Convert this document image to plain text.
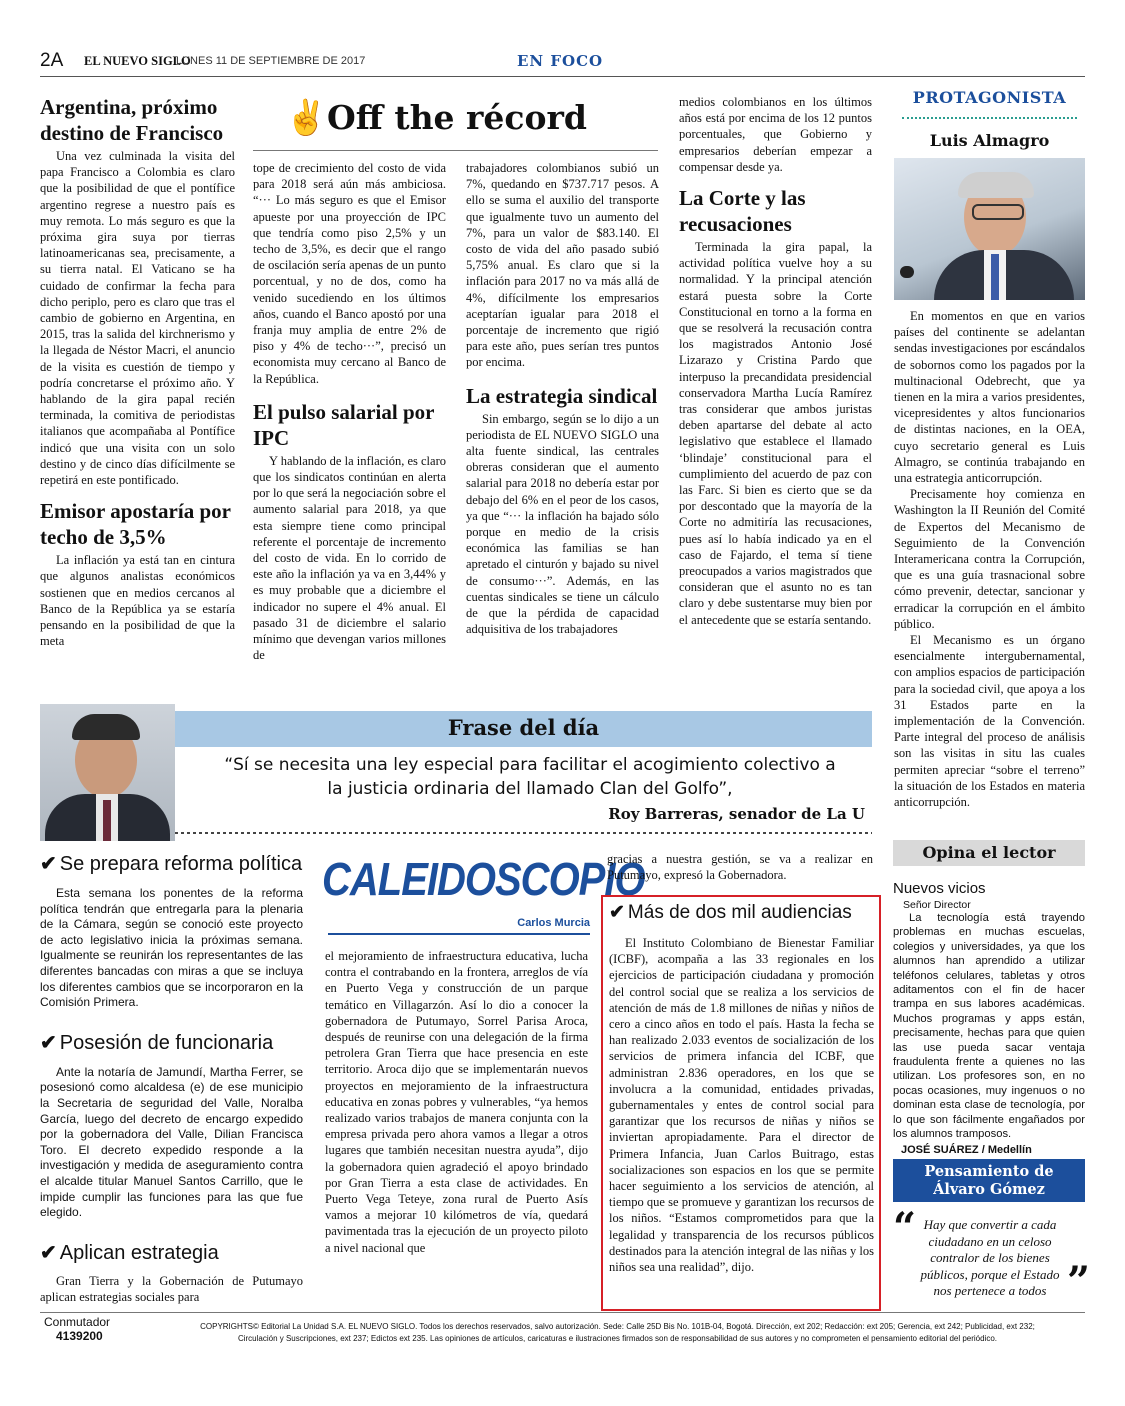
2A EL NUEVO SIGLO
LUNES 11 DE SEPTIEMBRE DE 2017	EN FOCO
Argentina, próximo destino de Francisco

Una vez culminada la visita del papa Francisco a Colombia es claro que la posibilidad de que el pontífice argentino regrese a nuestro país es muy remota. Lo más seguro es que la próxima gira suya por tierras latinoamericanas sea, precisamente, a su tierra natal. El Vaticano se ha cuidado de confirmar la fecha para dicho periplo, pero es claro que tras el cambio de gobierno en Argentina, en 2015, tras la salida del kirchnerismo y la llegada de Néstor Macri, el anuncio de la visita es cuestión de tiempo y podría concretarse el próximo año. Y hablando de la gira papal recién terminada, la comitiva de periodistas italianos que acompañaba al Pontífice indicó que una visita con un solo destino y de cinco días difícilmente se repetirá en este pontificado.

Emisor apostaría por techo de 3,5%

La inflación ya está tan en cintura que algunos analistas económicos sostienen que en medios cercanos al Banco de la República ya se estaría pensando en la posibilidad de que la meta

✌ Off the récord

tope de crecimiento del costo de vida para 2018 será aún más ambiciosa. “··· Lo más seguro es que el Emisor apueste por una proyección de IPC que tendría como piso 2,5% y un techo de 3,5%, es decir que el rango de oscilación sería apenas de un punto porcentual, y no de dos, como ha venido sucediendo en los últimos años, cuando el Banco apostó por una franja muy amplia de entre 2% de piso y 4% de techo···”, precisó un economista muy cercano al Banco de la República.

El pulso salarial por IPC

Y hablando de la inflación, es claro que los sindicatos continúan en alerta por lo que será la negociación sobre el aumento salarial para 2018, ya que esta siempre tiene como principal referente el porcentaje de incremento del costo de vida. En lo corrido de este año la inflación ya va en 3,44% y es muy probable que a diciembre el indicador no supere el 4% anual. El pasado 31 de diciembre el salario mínimo que devengan varios millones de

trabajadores colombianos subió un 7%, quedando en $737.717 pesos. A ello se suma el auxilio del transporte que igualmente tuvo un aumento del 7%, para un valor de $83.140. El costo de vida del año pasado subió 5,75% anual. Es claro que si la inflación para 2017 no va más allá de 4%, difícilmente los empresarios aceptarían igualar para 2018 el porcentaje de incremento que rigió para este año, pues serían tres puntos por encima.

La estrategia sindical

Sin embargo, según se lo dijo a un periodista de EL NUEVO SIGLO una alta fuente sindical, las centrales obreras consideran que el aumento salarial para 2018 no debería estar por debajo del 6% en el peor de los casos, ya que “··· la inflación ha bajado sólo porque en medio de la crisis económica las familias se han apretado el cinturón y bajado su nivel de consumo···”. Además, en las cuentas sindicales se tiene un cálculo de que la pérdida de capacidad adquisitiva de los trabajadores

medios colombianos en los últimos años está por encima de los 12 puntos porcentuales, que Gobierno y empresarios deberían empezar a compensar desde ya.

La Corte y las recusaciones

Terminada la gira papal, la actividad política vuelve hoy a su normalidad. Y la principal atención estará puesta sobre la Corte Constitucional en torno a la forma en que se resolverá la recusación contra los magistrados Antonio José Lizarazo y Cristina Pardo que interpuso la precandidata presidencial conservadora Martha Lucía Ramírez tras considerar que ambos juristas deben apartarse del debate al acto legislativo que establece el llamado ‘blindaje’ constitucional para el cumplimiento del acuerdo de paz con las Farc. Si bien es cierto que se da por descontado que la mayoría de la Corte no admitiría las recusaciones, pues así lo había indicado ya en el caso de Fajardo, el tema sí tiene preocupados a varios magistrados que consideran que el asunto no es tan claro y debe sustentarse muy bien por el antecedente que se estaría sentando.

PROTAGONISTA
Luis Almagro

En momentos en que en varios países del continente se adelantan sendas investigaciones por escándalos de sobornos como los pagados por la multinacional Odebrecht, que ya tienen en la mira a varios presidentes, vicepresidentes y altos funcionarios de distintas naciones, en la OEA, cuyo secretario general es Luis Almagro, se continúa trabajando en una estrategia anticorrupción.

Precisamente hoy comienza en Washington la II Reunión del Comité de Expertos del Mecanismo de Seguimiento de la Convención Interamericana contra la Corrupción, que es una guía trasnacional sobre cómo prevenir, detectar, sancionar y erradicar la corrupción en el ámbito público.

El Mecanismo es un órgano esencialmente intergubernamental, con amplios espacios de participación para la sociedad civil, que apoya a los 31 Estados parte en la implementación de la Convención. Parte integral del proceso de análisis son las visitas in situ las cuales permiten apreciar “sobre el terreno” la situación de los Estados en materia anticorrupción.

Frase del día
“Sí se necesita una ley especial para facilitar el acogimiento colectivo a la justicia ordinaria del llamado Clan del Golfo”,
Roy Barreras, senador de La U
✔ Se prepara reforma política

Esta semana los ponentes de la reforma política tendrán que entregarla para la plenaria de la Cámara, según se conoció este proyecto de acto legislativo inicia la próximas semana. Igualmente se reunirán los representantes de las diferentes bancadas con miras a que se incluya los diferentes cambios que se incorporaron en la Comisión Primera.

✔ Posesión de funcionaria

Ante la notaría de Jamundí, Martha Ferrer, se posesionó como alcaldesa (e) de ese municipio la Secretaria de seguridad del Valle, Noralba García, luego del decreto de encargo expedido por la gobernadora del Valle, Dilian Francisca Toro. El decreto expedido responde a la investigación y medida de aseguramiento contra el alcalde titular Manuel Santos Carrillo, que le impide cumplir las funciones para las que fue elegido.

✔ Aplican estrategia

Gran Tierra y la Gobernación de Putumayo aplican estrategias sociales para

CALEIDOSCOPIO
Carlos Murcia

el mejoramiento de infraestructura educativa, lucha contra el contrabando en la frontera, arreglos de vía en Puerto Vega y construcción de un parque temático en Villagarzón. Así lo dio a conocer la gobernadora de Putumayo, Sorrel Parisa Aroca, después de reunirse con una delegación de la firma petrolera Gran Tierra que hace presencia en este territorio. Aroca dijo que se implementarán nuevos proyectos en mejoramiento de la infraestructura educativa en zonas pobres y vulnerables, “ya hemos realizado varios trabajos de manera conjunta con la empresa privada pero ahora vamos a llegar a otros lugares que también necesitan nuestra ayuda”, dijo la gobernadora quien agradeció el apoyo brindado por Gran Tierra a esta clase de actividades. En Puerto Vega Teteye, zona rural de Puerto Asís vamos a mejorar 10 kilómetros de vía, quedará pavimentada tras la ejecución de un proyecto piloto a nivel nacional que

gracias a nuestra gestión, se va a realizar en Putumayo, expresó la Gobernadora.

✔ Más de dos mil audiencias

El Instituto Colombiano de Bienestar Familiar (ICBF), acompaña a las 33 regionales en los ejercicios de participación ciudadana y promoción del control social que se realiza a los servicios de atención de más de 1.8 millones de niñas y niños de cero a cinco años en todo el país. Hasta la fecha se han realizado 2.033 eventos de socialización de los servicios de primera infancia del ICBF, que administran 2.836 operadores, en los que se involucra a la comunidad, entidades privadas, gubernamentales y entes de control social para garantizar que los recursos de niñas y niños se inviertan apropiadamente. Para el director de Primera Infancia, Juan Carlos Buitrago, estas socializaciones son espacios en los que se permite hacer seguimiento a los servicios de atención, al tiempo que se promueve y garantizan los recursos de los niños. “Estamos comprometidos para que la legalidad y transparencia de los recursos públicos destinados para la atención integral de las niñas y los niños sea una realidad”, dijo.

Opina el lector
Nuevos vicios
Señor Director

La tecnología está trayendo problemas en muchas escuelas, colegios y universidades, ya que los alumnos han aprendido a utilizar teléfonos celulares, tabletas y otros aditamentos con el fin de hacer trampa en sus labores académicas. Muchos programas y apps están, precisamente, hechas para que quien las use pueda sacar ventaja fraudulenta frente a quienes no las utilizan. Los profesores son, en no pocas ocasiones, muy ingenuos o no dominan esta clase de tecnología, por lo que son fácilmente engañados por los alumnos tramposos.

JOSÉ SUÁREZ / Medellín
Pensamiento de
Álvaro Gómez
“ Hay que convertir a cada ciudadano en un celoso contralor de los bienes públicos, porque el Estado nos pertenece a todos ”
Conmutador
4139200
COPYRIGHTS© Editorial La Unidad S.A. EL NUEVO SIGLO. Todos los derechos reservados, salvo autorización. Sede: Calle 25D Bis No. 101B-04, Bogotá. Dirección, ext 202; Redacción: ext 205; Gerencia, ext 242; Publicidad, ext 232;
Circulación y Suscripciones, ext 237; Edictos ext 235. Las opiniones de artículos, caricaturas e ilustraciones firmados son de responsabilidad de sus autores y no comprometen el pensamiento editorial del periódico.
